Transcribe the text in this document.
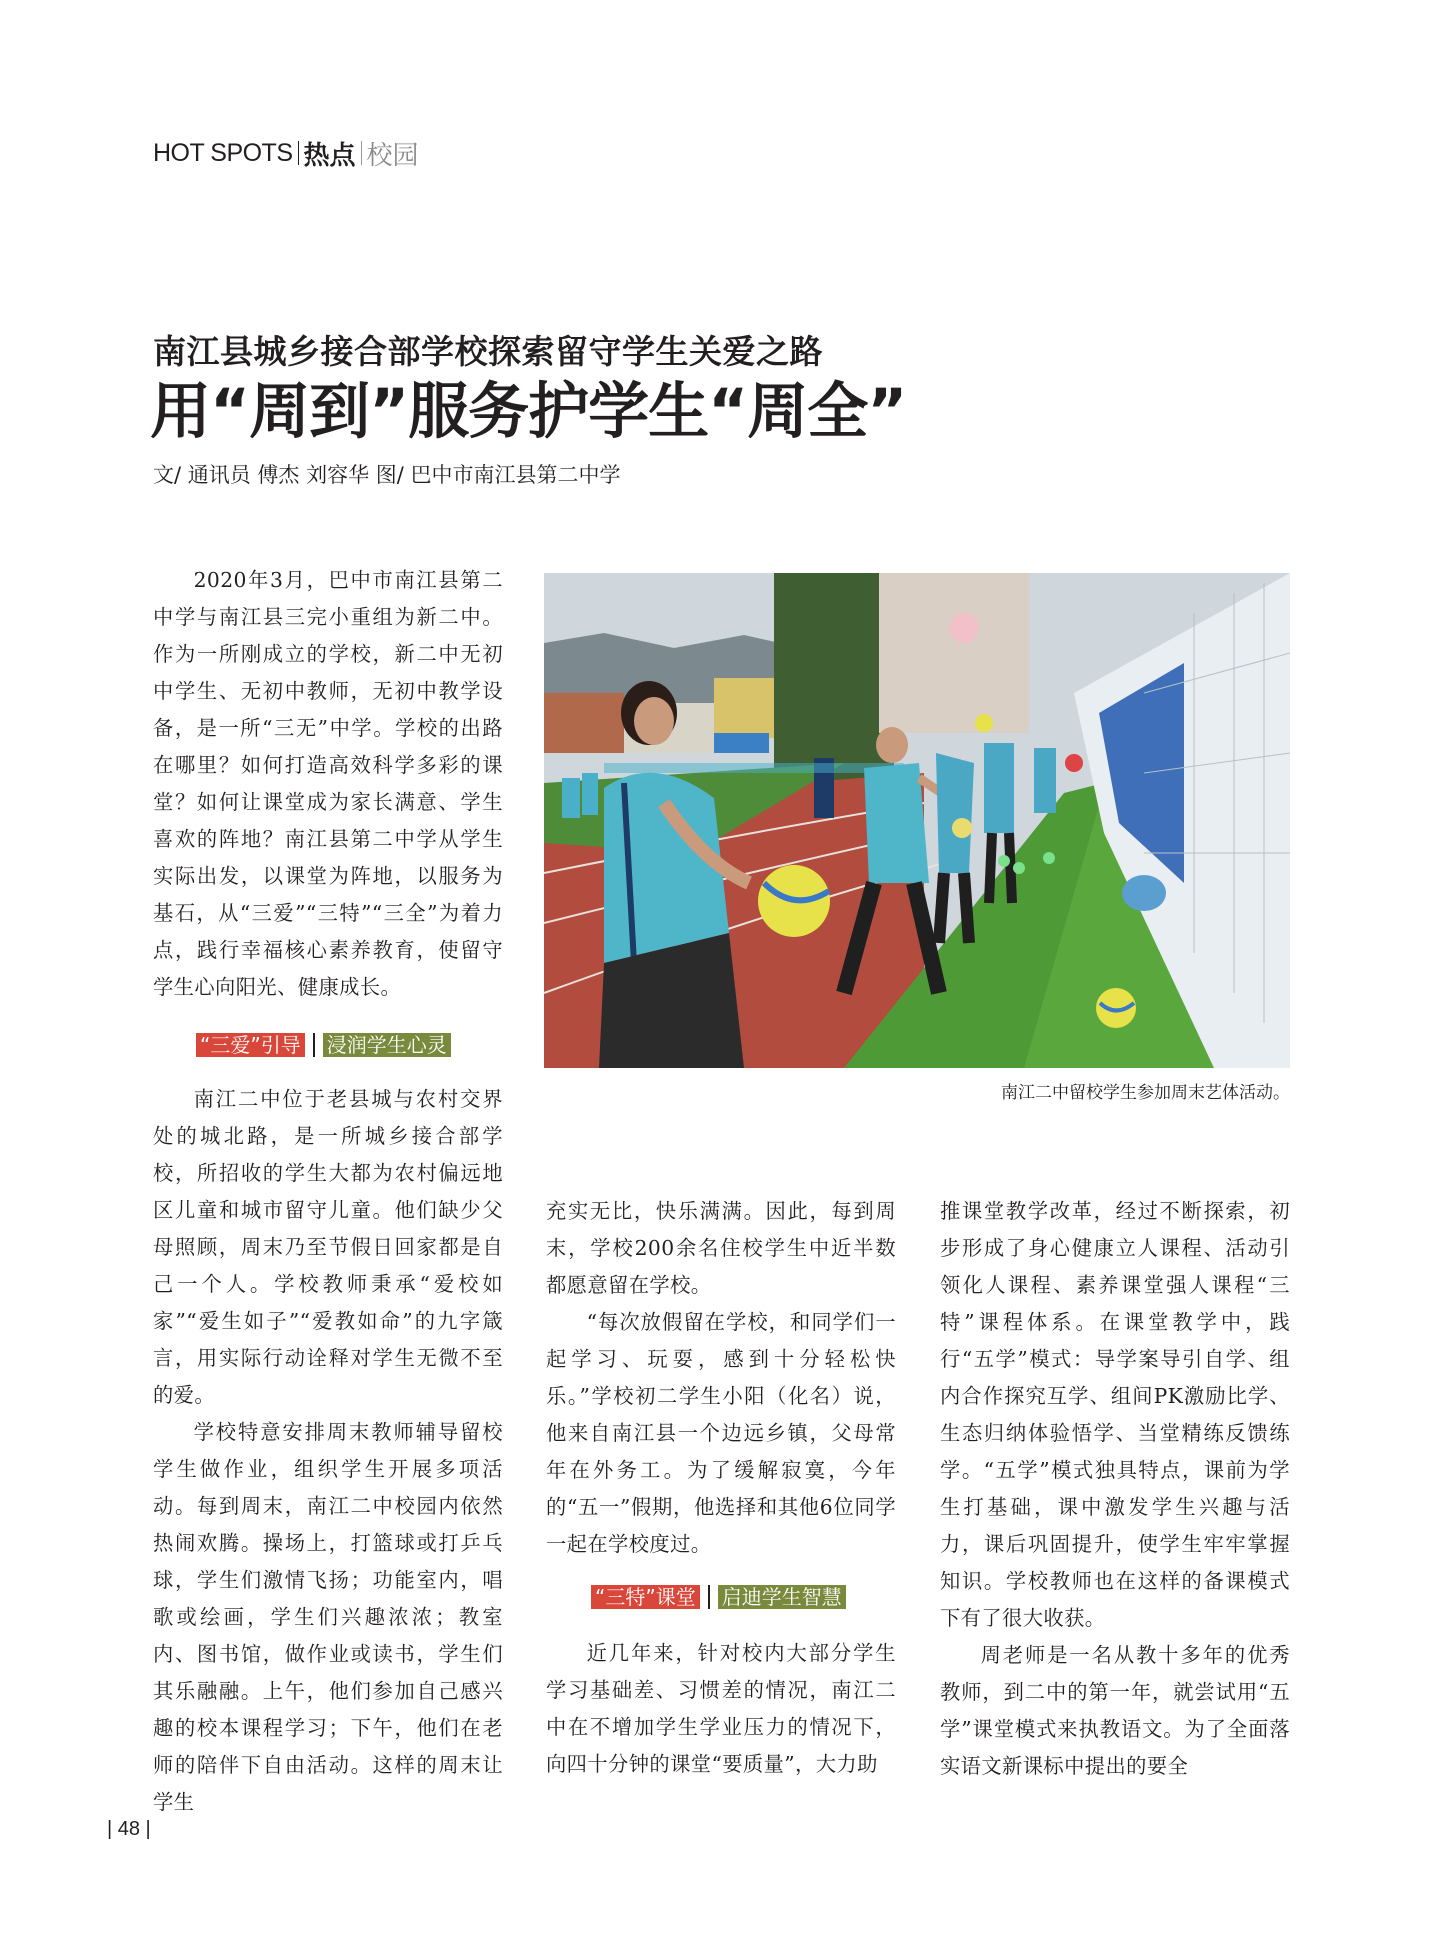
HOT SPOTS 热点 校园
南江县城乡接合部学校探索留守学生关爱之路
用“周到”服务护学生“周全”
文/ 通讯员 傅杰 刘容华 图/ 巴中市南江县第二中学

2020年3月，巴中市南江县第二中学与南江县三完小重组为新二中。作为一所刚成立的学校，新二中无初中学生、无初中教师，无初中教学设备，是一所“三无”中学。学校的出路在哪里？如何打造高效科学多彩的课堂？如何让课堂成为家长满意、学生喜欢的阵地？南江县第二中学从学生实际出发，以课堂为阵地，以服务为基石，从“三爱”“三特”“三全”为着力点，践行幸福核心素养教育，使留守学生心向阳光、健康成长。

“三爱”引导 浸润学生心灵

南江二中位于老县城与农村交界处的城北路，是一所城乡接合部学校，所招收的学生大都为农村偏远地区儿童和城市留守儿童。他们缺少父母照顾，周末乃至节假日回家都是自己一个人。学校教师秉承“爱校如家”“爱生如子”“爱教如命”的九字箴言，用实际行动诠释对学生无微不至的爱。

学校特意安排周末教师辅导留校学生做作业，组织学生开展多项活动。每到周末，南江二中校园内依然热闹欢腾。操场上，打篮球或打乒乓球，学生们激情飞扬；功能室内，唱歌或绘画，学生们兴趣浓浓；教室内、图书馆，做作业或读书，学生们其乐融融。上午，他们参加自己感兴趣的校本课程学习；下午，他们在老师的陪伴下自由活动。这样的周末让学生

南江二中留校学生参加周末艺体活动。

充实无比，快乐满满。因此，每到周末，学校200余名住校学生中近半数都愿意留在学校。

“每次放假留在学校，和同学们一起学习、玩耍，感到十分轻松快乐。”学校初二学生小阳（化名）说，他来自南江县一个边远乡镇，父母常年在外务工。为了缓解寂寞，今年的“五一”假期，他选择和其他6位同学一起在学校度过。

“三特”课堂 启迪学生智慧

近几年来，针对校内大部分学生学习基础差、习惯差的情况，南江二中在不增加学生学业压力的情况下，向四十分钟的课堂“要质量”，大力助

推课堂教学改革，经过不断探索，初步形成了身心健康立人课程、活动引领化人课程、素养课堂强人课程“三特”课程体系。在课堂教学中，践行“五学”模式：导学案导引自学、组内合作探究互学、组间PK激励比学、生态归纳体验悟学、当堂精练反馈练学。“五学”模式独具特点，课前为学生打基础，课中激发学生兴趣与活力，课后巩固提升，使学生牢牢掌握知识。学校教师也在这样的备课模式下有了很大收获。

周老师是一名从教十多年的优秀教师，到二中的第一年，就尝试用“五学”课堂模式来执教语文。为了全面落实语文新课标中提出的要全

| 48 |
